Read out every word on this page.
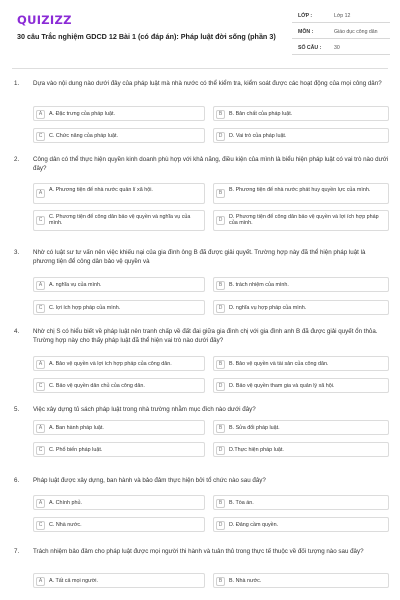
QUIZIZZ
30 câu Trắc nghiệm GDCD 12 Bài 1 (có đáp án): Pháp luật đời sống (phần 3)
LỚP :	Lớp 12
MÔN :	Giáo dục công dân
SỐ CÂU : 30
1. Dựa vào nội dung nào dưới đây của pháp luật mà nhà nước có thể kiểm tra, kiểm soát được các hoạt động của mọi công dân?
A	A. Đặc trưng của pháp luật.	B	B. Bản chất của pháp luật.
C	C. Chức năng của pháp luật.	D	D. Vai trò của pháp luật.
2. Công dân có thể thực hiện quyền kinh doanh phù hợp với khả năng, điều kiện của mình là biểu hiện pháp luật có vai trò nào dưới đây?
A
A. Phương tiện để nhà nước quản lí xã hội.
B
B. Phương tiện để nhà nước phát huy quyền lực của mình.
C
C. Phương tiện để công dân bảo vệ quyền và nghĩa vụ của mình.
D
D. Phương tiện để công dân bảo vệ quyền và lợi ích hợp pháp của mình.
3. Nhờ có luật sư tư vấn nên việc khiếu nại của gia đình ông B đã được giải quyết. Trường hợp này đã thể hiện pháp luật là phương tiện để công dân bảo vệ quyền và
A	A. nghĩa vụ của mình.	B	B. trách nhiệm của mình.
C	C. lợi ích hợp pháp của mình.	D	D. nghĩa vụ hợp pháp của mình.
4. Nhờ chị S có hiểu biết về pháp luật nên tranh chấp về đất đai giữa gia đình chị với gia đình anh B đã được giải quyết ổn thỏa. Trường hợp này cho thấy pháp luật đã thể hiện vai trò nào dưới đây?
A	A. Bảo vệ quyền và lợi ích hợp pháp của công dân.	B	B. Bảo vệ quyền và tài sản của công dân.
C	C. Bảo vệ quyền dân chủ của công dân.	D	D. Bảo vệ quyền tham gia và quản lý xã hội.
5. Việc xây dựng tủ sách pháp luật trong nhà trường nhằm mục đích nào dưới đây?
A	A. Ban hành pháp luật.	B	B. Sửa đổi pháp luật.
C	C. Phổ biến pháp luật.	D	D.Thực hiện pháp luật.
6. Pháp luật được xây dựng, ban hành và bảo đảm thực hiện bởi tổ chức nào sau đây?
A	A. Chính phủ.	B	B. Tòa án.
C	C. Nhà nước.	D	D. Đảng cầm quyền.
7. Trách nhiệm bảo đảm cho pháp luật được mọi người thi hành và tuân thủ trong thực tế thuộc về đối tượng nào sau đây?
A	A. Tất cả mọi người.	B	B. Nhà nước.
